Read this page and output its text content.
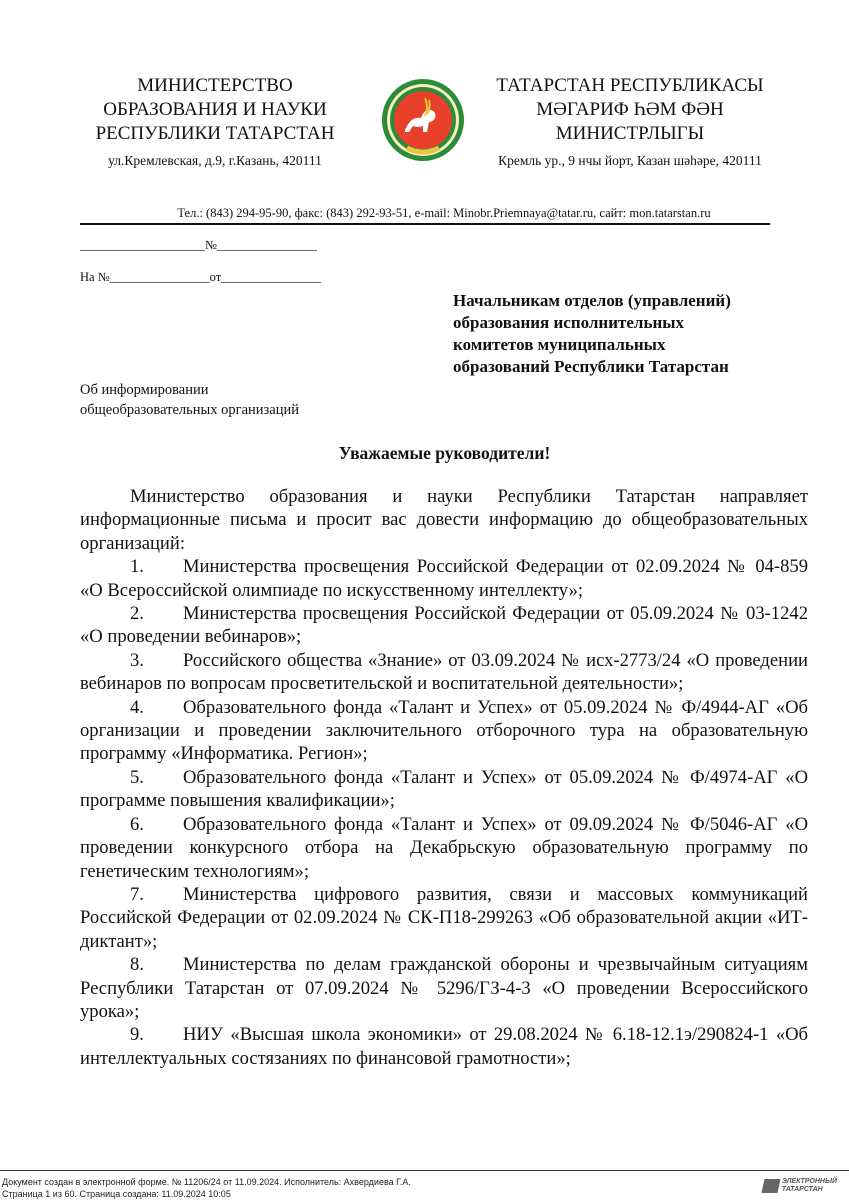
МИНИСТЕРСТВО
ОБРАЗОВАНИЯ И НАУКИ
РЕСПУБЛИКИ ТАТАРСТАН
ТАТАРСТАН РЕСПУБЛИКАСЫ
МӘГАРИФ ҺӘМ ФӘН
МИНИСТРЛЫГЫ
ул.Кремлевская, д.9, г.Казань, 420111	Кремль ур., 9 нчы йорт, Казан шәһәре, 420111
Тел.: (843) 294-95-90, факс: (843) 292-93-51, e-mail: Minobr.Priemnaya@tatar.ru, сайт: mon.tatarstan.ru
____________________№________________
На №________________от________________
Начальникам отделов (управлений)
образования исполнительных
комитетов муниципальных
образований Республики Татарстан
Об информировании
общеобразовательных организаций
Уважаемые руководители!

Министерство образования и науки Республики Татарстан направляет информационные письма и просит вас довести информацию до общеобразовательных организаций:

1. Министерства просвещения Российской Федерации от 02.09.2024 № 04-859 «О Всероссийской олимпиаде по искусственному интеллекту»;

2. Министерства просвещения Российской Федерации от 05.09.2024 № 03-1242 «О проведении вебинаров»;

3. Российского общества «Знание» от 03.09.2024 № исх-2773/24 «О проведении вебинаров по вопросам просветительской и воспитательной деятельности»;

4. Образовательного фонда «Талант и Успех» от 05.09.2024 № Ф/4944-АГ «Об организации и проведении заключительного отборочного тура на образовательную программу «Информатика. Регион»;

5. Образовательного фонда «Талант и Успех» от 05.09.2024 № Ф/4974-АГ «О программе повышения квалификации»;

6. Образовательного фонда «Талант и Успех» от 09.09.2024 № Ф/5046-АГ «О проведении конкурсного отбора на Декабрьскую образовательную программу по генетическим технологиям»;

7. Министерства цифрового развития, связи и массовых коммуникаций Российской Федерации от 02.09.2024 № СК-П18-299263 «Об образовательной акции «ИТ-диктант»;

8. Министерства по делам гражданской обороны и чрезвычайным ситуациям Республики Татарстан от 07.09.2024 № 5296/ГЗ-4-3 «О проведении Всероссийского урока»;

9. НИУ «Высшая школа экономики» от 29.08.2024 № 6.18-12.1э/290824-1 «Об интеллектуальных состязаниях по финансовой грамотности»;

Документ создан в электронной форме. № 11206/24 от 11.09.2024. Исполнитель: Ахвердиева Г.А.
Страница 1 из 60. Страница создана: 11.09.2024 10:05
ЭЛЕКТРОННЫЙ
ТАТАРСТАН
